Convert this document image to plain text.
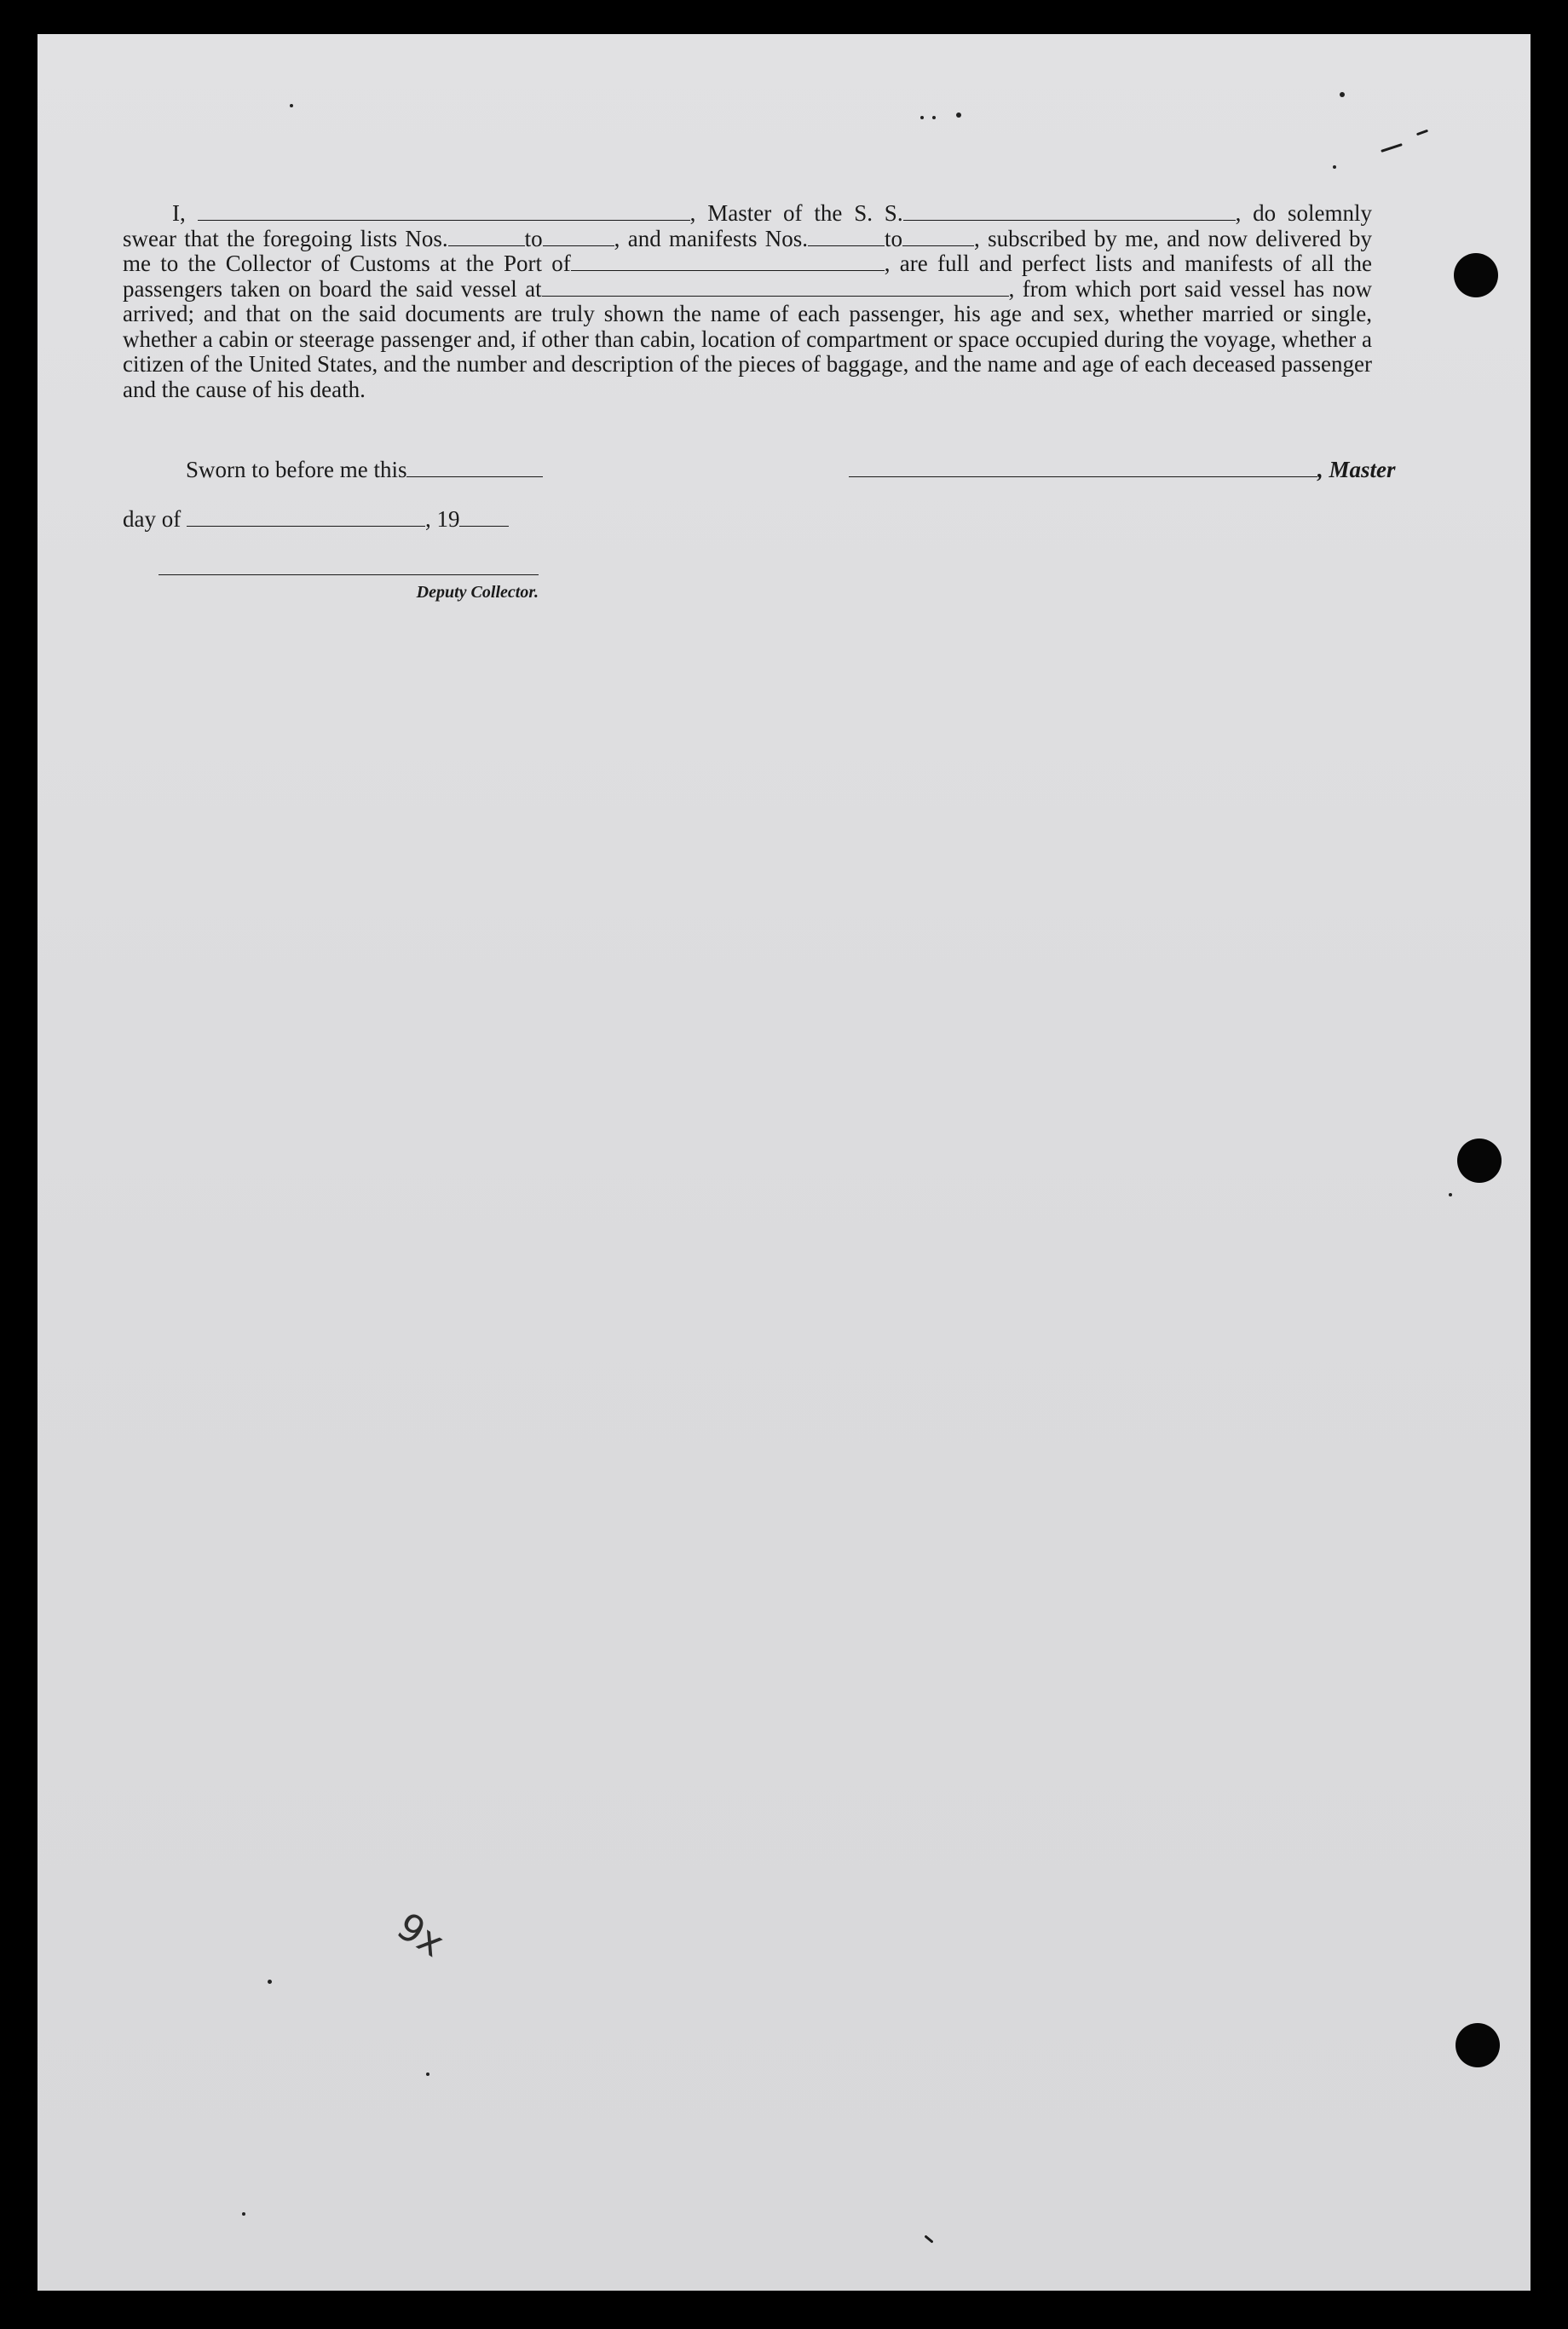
I,	, Master of the S. S.	, do solemnly swear that the foregoing lists Nos.	to	, and manifests Nos.	to	, subscribed by me, and now delivered by me to the Collector of Customs at the Port of	, are full and perfect lists and manifests of all the passengers taken on board the said vessel at	, from which port said vessel has now arrived; and that on the said documents are truly shown the name of each passenger, his age and sex, whether married or single, whether a cabin or steerage passenger and, if other than cabin, location of compartment or space occupied during the voyage, whether a citizen of the United States, and the number and description of the pieces of baggage, and the name and age of each deceased passenger and the cause of his death.
Sworn to before me this	, Master
day of	, 19
Deputy Collector.
9x
